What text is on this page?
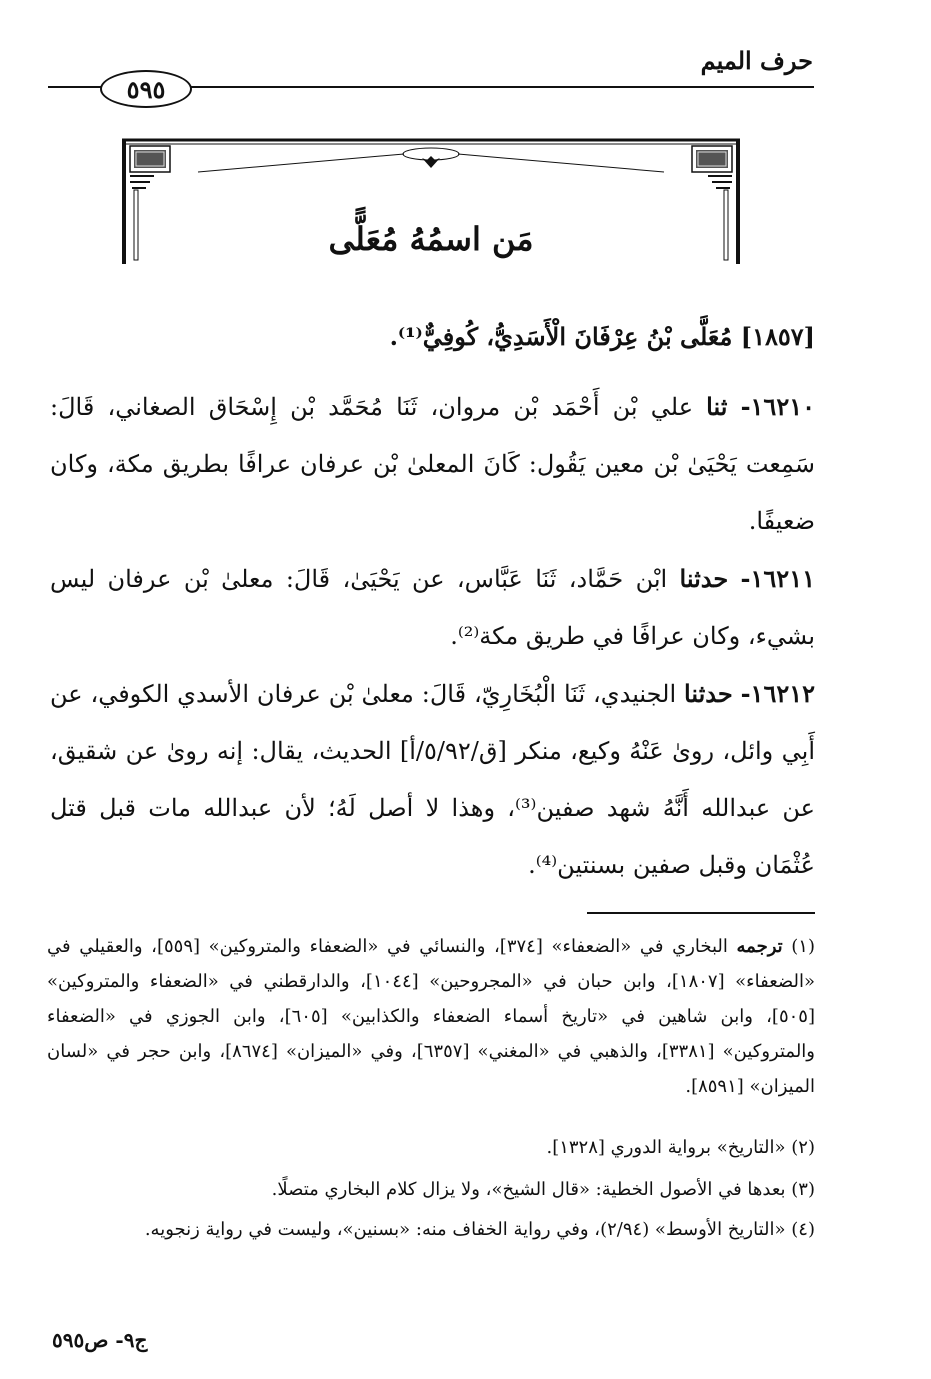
حرف الميم
٥٩٥
مَن اسمُهُ مُعَلًّى
[١٨٥٧] مُعَلَّى بْنُ عِرْفَانَ الْأَسَدِيُّ، كُوفِيٌّ⁽¹⁾.
١٦٢١٠- ثنا علي بْن أَحْمَد بْن مروان، ثَنَا مُحَمَّد بْن إِسْحَاق الصغاني، قَالَ: سَمِعت يَحْيَىٰ بْن معين يَقُول: كَانَ المعلىٰ بْن عرفان عرافًا بطريق مكة، وكان ضعيفًا.
١٦٢١١- حدثنا ابْن حَمَّاد، ثَنَا عَبَّاس، عن يَحْيَىٰ، قَالَ: معلىٰ بْن عرفان ليس بشيء، وكان عرافًا في طريق مكة⁽²⁾.
١٦٢١٢- حدثنا الجنيدي، ثَنَا الْبُخَارِيّ، قَالَ: معلىٰ بْن عرفان الأسدي الكوفي، عن أَبِي وائل، روىٰ عَنْهُ وكيع، منكر [ق/٥/٩٢/أ] الحديث، يقال: إنه روىٰ عن شقيق، عن عبدالله أَنَّهُ شهد صفين⁽³⁾، وهذا لا أصل لَهُ؛ لأن عبدالله مات قبل قتل عُثْمَان وقبل صفين بسنتين⁽⁴⁾.
(١) ترجمه البخاري في «الضعفاء» [٣٧٤]، والنسائي في «الضعفاء والمتروكين» [٥٥٩]، والعقيلي في «الضعفاء» [١٨٠٧]، وابن حبان في «المجروحين» [١٠٤٤]، والدارقطني في «الضعفاء والمتروكين» [٥٠٥]، وابن شاهين في «تاريخ أسماء الضعفاء والكذابين» [٦٠٥]، وابن الجوزي في «الضعفاء والمتروكين» [٣٣٨١]، والذهبي في «المغني» [٦٣٥٧]، وفي «الميزان» [٨٦٧٤]، وابن حجر في «لسان الميزان» [٨٥٩١].
(٢) «التاريخ» برواية الدوري [١٣٢٨].
(٣) بعدها في الأصول الخطية: «قال الشيخ»، ولا يزال كلام البخاري متصلًا.
(٤) «التاريخ الأوسط» (٢/٩٤)، وفي رواية الخفاف منه: «بسنين»، وليست في رواية زنجويه.
ج٩- ص٥٩٥
